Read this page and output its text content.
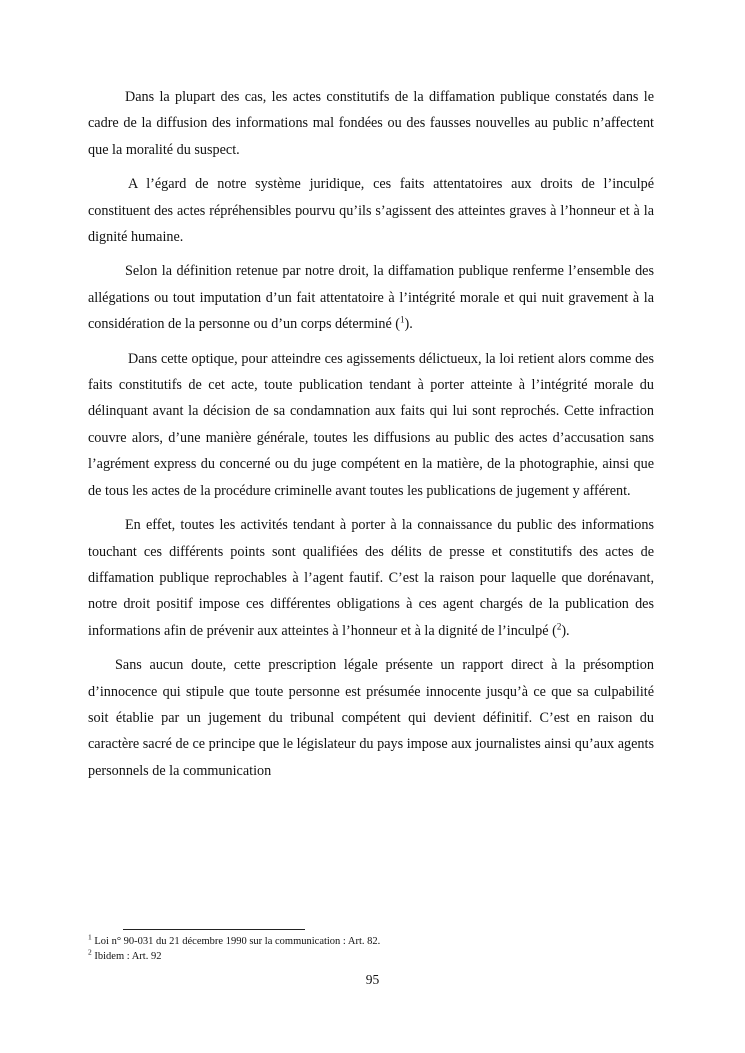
Dans la plupart des cas, les actes constitutifs de la diffamation publique constatés dans le cadre de la diffusion des informations mal fondées ou des fausses nouvelles au public n’affectent que la moralité du suspect.

A l’égard de notre système juridique, ces faits attentatoires aux droits de l’inculpé constituent des actes répréhensibles pourvu qu’ils s’agissent des atteintes graves à l’honneur et à la dignité humaine.

Selon la définition retenue par notre droit, la diffamation publique renferme l’ensemble des allégations ou tout imputation d’un fait attentatoire à l’intégrité morale et qui nuit gravement à la considération de la personne ou d’un corps déterminé ($^1$).

Dans cette optique, pour atteindre ces agissements délictueux, la loi retient alors comme des faits constitutifs de cet acte, toute publication tendant à porter atteinte à l’intégrité morale du délinquant avant la décision de sa condamnation aux faits qui lui sont reprochés. Cette infraction couvre alors, d’une manière générale, toutes les diffusions au public des actes d’accusation sans l’agrément express du concerné ou du juge compétent en la matière, de la photographie, ainsi que de tous les actes de la procédure criminelle avant toutes les publications de jugement y afférent.

En effet, toutes les activités tendant à porter à la connaissance du public des informations touchant ces différents points sont qualifiées des délits de presse et constitutifs des actes de diffamation publique reprochables à l’agent fautif. C’est la raison pour laquelle que dorénavant, notre droit positif impose ces différentes obligations à ces agent chargés de la publication des informations afin de prévenir aux atteintes à l’honneur et à la dignité de l’inculpé ($^2$).

Sans aucun doute, cette prescription légale présente un rapport direct à la présomption d’innocence qui stipule que toute personne est présumée innocente jusqu’à ce que sa culpabilité soit établie par un jugement du tribunal compétent qui devient définitif. C’est en raison du caractère sacré de ce principe que le législateur du pays impose aux journalistes ainsi qu’aux agents personnels de la communication

$^1$ Loi n° 90-031 du 21 décembre 1990 sur la communication : Art. 82.
$^2$ Ibidem : Art. 92
95
